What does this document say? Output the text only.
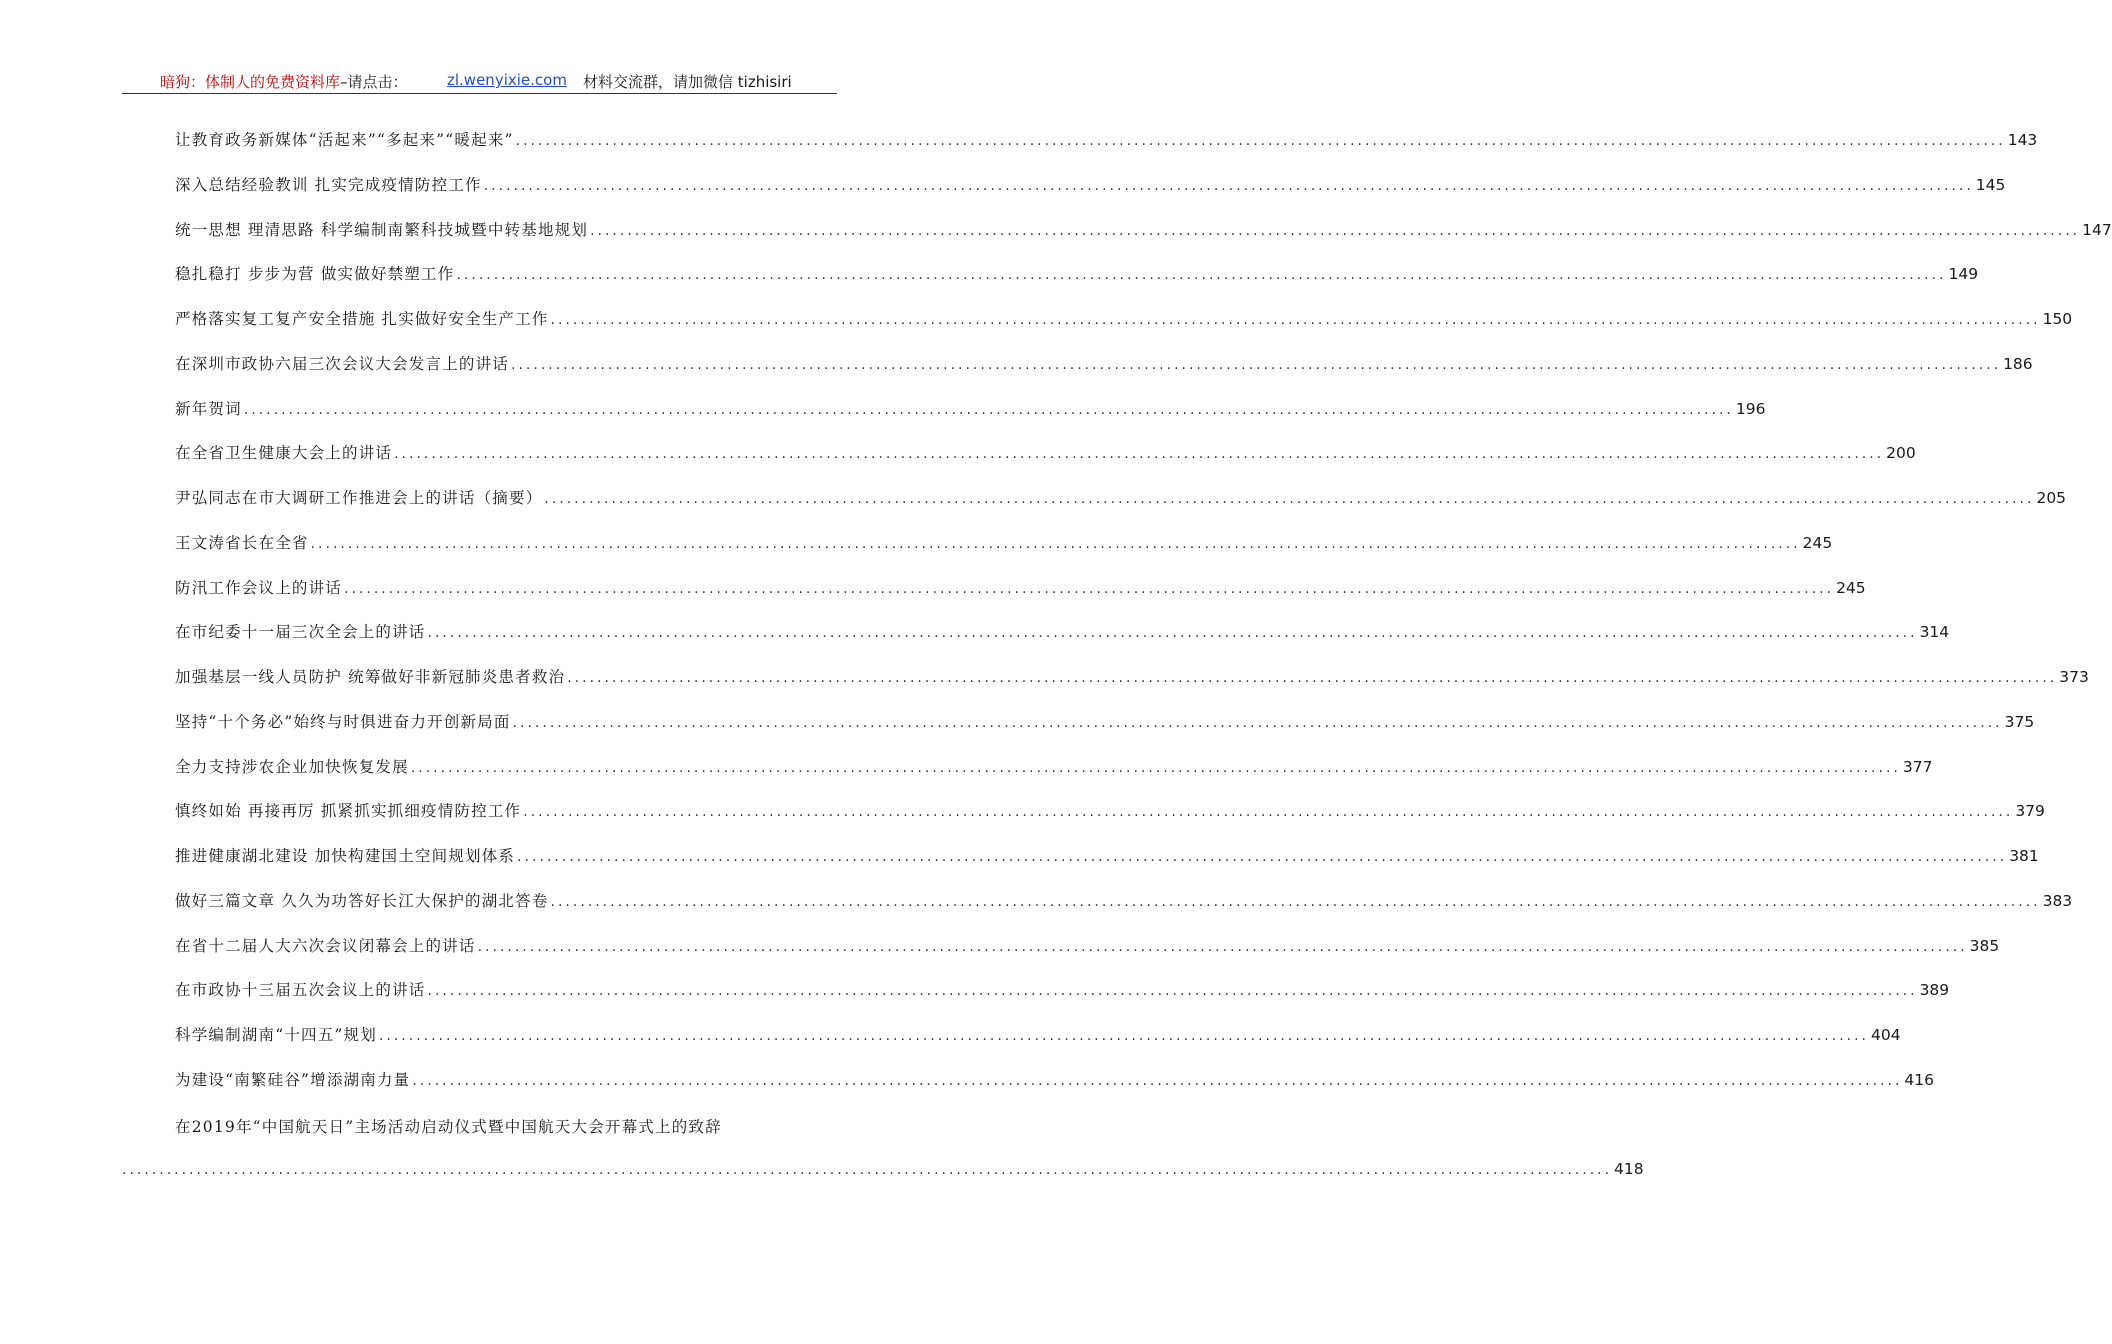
暗狗：体制人的免费资料库–请点击：	zl.wenyixie.com 材料交流群，请加微信 tizhisiri
让教育政务新媒体“活起来”“多起来”“暖起来” ........................................................................................................................................................................................................ 143
深入总结经验教训 扎实完成疫情防控工作 ........................................................................................................................................................................................................ 145
统一思想 理清思路 科学编制南繁科技城暨中转基地规划 ........................................................................................................................................................................................................ 147
稳扎稳打 步步为营 做实做好禁塑工作 ........................................................................................................................................................................................................ 149
严格落实复工复产安全措施 扎实做好安全生产工作 ........................................................................................................................................................................................................ 150
在深圳市政协六届三次会议大会发言上的讲话 ........................................................................................................................................................................................................ 186
新年贺词 ........................................................................................................................................................................................................ 196
在全省卫生健康大会上的讲话 ........................................................................................................................................................................................................ 200
尹弘同志在市大调研工作推进会上的讲话（摘要） ........................................................................................................................................................................................................ 205
王文涛省长在全省 ........................................................................................................................................................................................................ 245
防汛工作会议上的讲话 ........................................................................................................................................................................................................ 245
在市纪委十一届三次全会上的讲话 ........................................................................................................................................................................................................ 314
加强基层一线人员防护 统筹做好非新冠肺炎患者救治 ........................................................................................................................................................................................................ 373
坚持“十个务必”始终与时俱进奋力开创新局面 ........................................................................................................................................................................................................ 375
全力支持涉农企业加快恢复发展 ........................................................................................................................................................................................................ 377
慎终如始 再接再厉 抓紧抓实抓细疫情防控工作 ........................................................................................................................................................................................................ 379
推进健康湖北建设 加快构建国土空间规划体系 ........................................................................................................................................................................................................ 381
做好三篇文章 久久为功答好长江大保护的湖北答卷 ........................................................................................................................................................................................................ 383
在省十二届人大六次会议闭幕会上的讲话 ........................................................................................................................................................................................................ 385
在市政协十三届五次会议上的讲话 ........................................................................................................................................................................................................ 389
科学编制湖南“十四五”规划 ........................................................................................................................................................................................................ 404
为建设“南繁硅谷”增添湖南力量 ........................................................................................................................................................................................................ 416
在2019年“中国航天日”主场活动启动仪式暨中国航天大会开幕式上的致辞
........................................................................................................................................................................................................ 418
